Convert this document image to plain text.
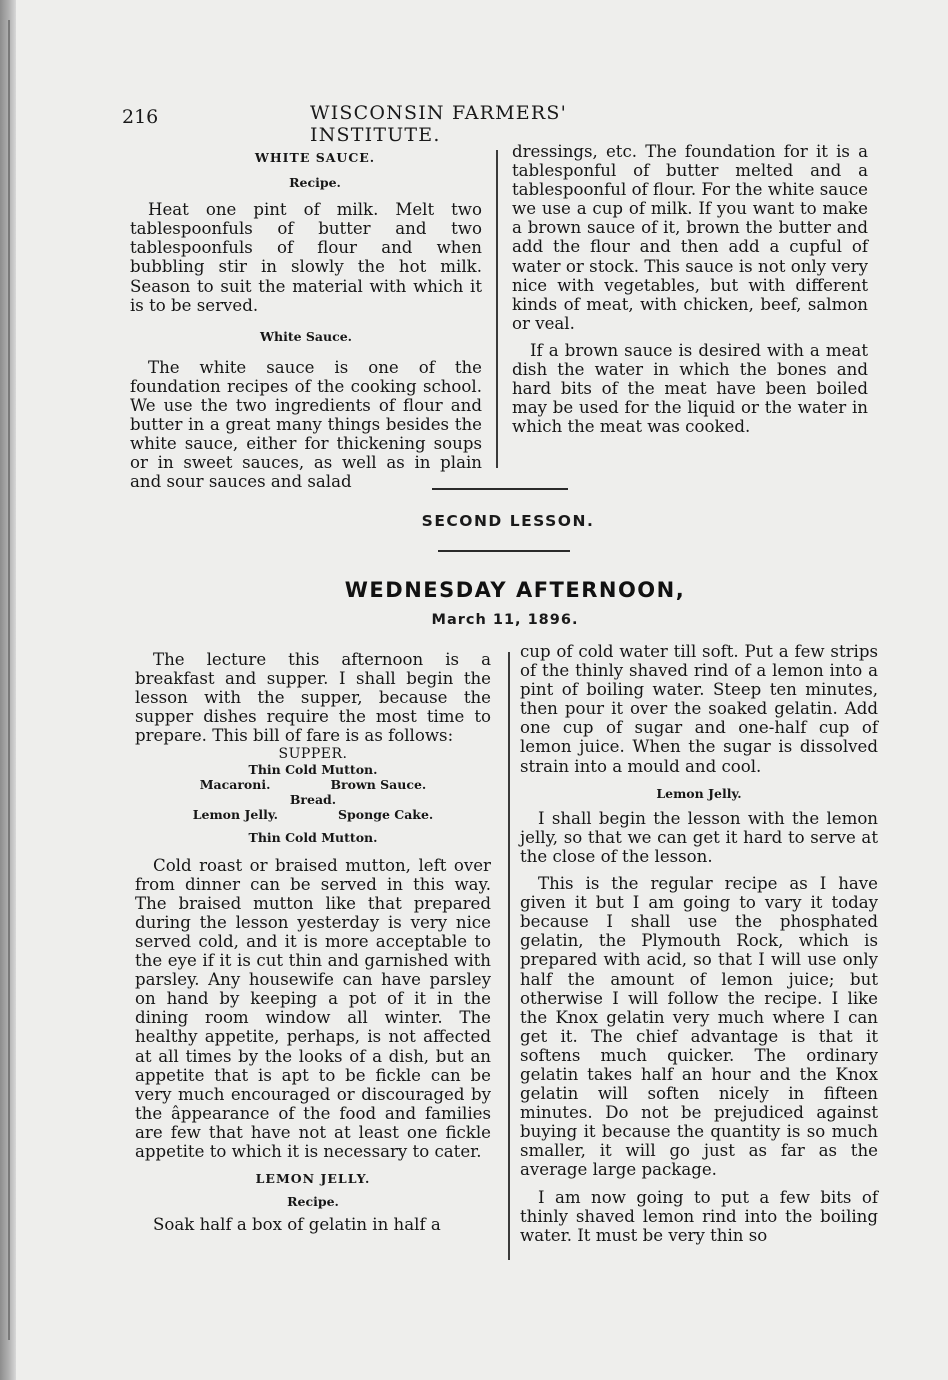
216	WISCONSIN FARMERS' INSTITUTE.

WHITE SAUCE.

Recipe.

Heat one pint of milk. Melt two tablespoonfuls of butter and two tablespoonfuls of flour and when bubbling stir in slowly the hot milk. Season to suit the material with which it is to be served.

White Sauce.

The white sauce is one of the foundation recipes of the cooking school. We use the two ingredients of flour and butter in a great many things besides the white sauce, either for thickening soups or in sweet sauces, as well as in plain and sour sauces and salad

dressings, etc. The foundation for it is a tablesponful of butter melted and a tablespoonful of flour. For the white sauce we use a cup of milk. If you want to make a brown sauce of it, brown the butter and add the flour and then add a cupful of water or stock. This sauce is not only very nice with vegetables, but with different kinds of meat, with chicken, beef, salmon or veal.

If a brown sauce is desired with a meat dish the water in which the bones and hard bits of the meat have been boiled may be used for the liquid or the water in which the meat was cooked.

SECOND LESSON.
WEDNESDAY AFTERNOON,
March 11, 1896.

The lecture this afternoon is a breakfast and supper. I shall begin the lesson with the supper, because the supper dishes require the most time to prepare. This bill of fare is as follows:

SUPPER.
Thin Cold Mutton.
Macaroni.	Brown Sauce.
Bread.
Lemon Jelly.	Sponge Cake.

Thin Cold Mutton.

Cold roast or braised mutton, left over from dinner can be served in this way. The braised mutton like that prepared during the lesson yesterday is very nice served cold, and it is more acceptable to the eye if it is cut thin and garnished with parsley. Any housewife can have parsley on hand by keeping a pot of it in the dining room window all winter. The healthy appetite, perhaps, is not affected at all times by the looks of a dish, but an appetite that is apt to be fickle can be very much encouraged or discouraged by the âppearance of the food and families are few that have not at least one fickle appetite to which it is necessary to cater.

LEMON JELLY.

Recipe.

Soak half a box of gelatin in half a

cup of cold water till soft. Put a few strips of the thinly shaved rind of a lemon into a pint of boiling water. Steep ten minutes, then pour it over the soaked gelatin. Add one cup of sugar and one-half cup of lemon juice. When the sugar is dissolved strain into a mould and cool.

Lemon Jelly.

I shall begin the lesson with the lemon jelly, so that we can get it hard to serve at the close of the lesson.

This is the regular recipe as I have given it but I am going to vary it today because I shall use the phosphated gelatin, the Plymouth Rock, which is prepared with acid, so that I will use only half the amount of lemon juice; but otherwise I will follow the recipe. I like the Knox gelatin very much where I can get it. The chief advantage is that it softens much quicker. The ordinary gelatin takes half an hour and the Knox gelatin will soften nicely in fifteen minutes. Do not be prejudiced against buying it because the quantity is so much smaller, it will go just as far as the average large package.

I am now going to put a few bits of thinly shaved lemon rind into the boiling water. It must be very thin so
